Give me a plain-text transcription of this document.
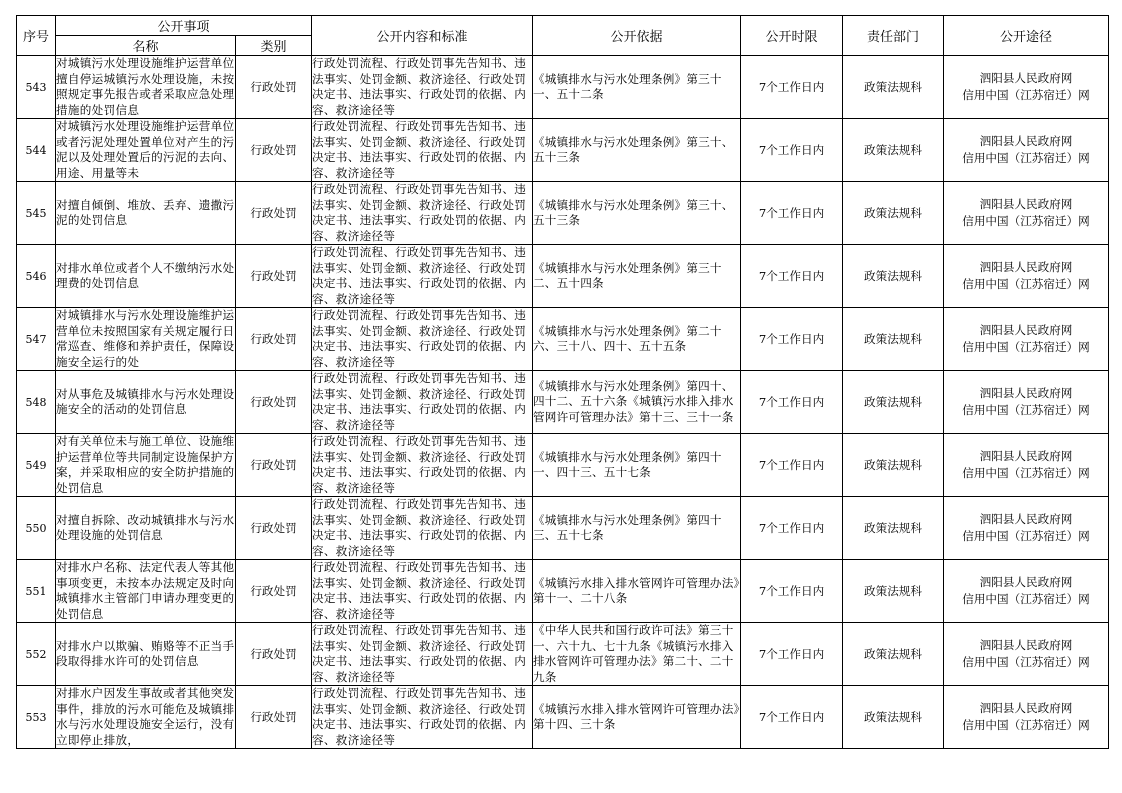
序号	公开事项		公开内容和标准	公开依据	公开时限	责任部门	公开途径
	名称	类别					
543	对城镇污水处理设施维护运营单位擅自停运城镇污水处理设施，未按照规定事先报告或者采取应急处理措施的处罚信息	行政处罚	行政处罚流程、行政处罚事先告知书、违法事实、处罚金额、救济途径、行政处罚决定书、违法事实、行政处罚的依据、内容、救济途径等	《城镇排水与污水处理条例》第三十一、五十二条	7个工作日内	政策法规科	泗阳县人民政府网
信用中国（江苏宿迁）网

544	对城镇污水处理设施维护运营单位或者污泥处理处置单位对产生的污泥以及处理处置后的污泥的去向、用途、用量等未	行政处罚	行政处罚流程、行政处罚事先告知书、违法事实、处罚金额、救济途径、行政处罚决定书、违法事实、行政处罚的依据、内容、救济途径等	《城镇排水与污水处理条例》第三十、五十三条	7个工作日内	政策法规科	泗阳县人民政府网
信用中国（江苏宿迁）网

545	对擅自倾倒、堆放、丢弃、遗撒污泥的处罚信息	行政处罚	行政处罚流程、行政处罚事先告知书、违法事实、处罚金额、救济途径、行政处罚决定书、违法事实、行政处罚的依据、内容、救济途径等	《城镇排水与污水处理条例》第三十、五十三条	7个工作日内	政策法规科	泗阳县人民政府网
信用中国（江苏宿迁）网

546	对排水单位或者个人不缴纳污水处理费的处罚信息	行政处罚	行政处罚流程、行政处罚事先告知书、违法事实、处罚金额、救济途径、行政处罚决定书、违法事实、行政处罚的依据、内容、救济途径等	《城镇排水与污水处理条例》第三十二、五十四条	7个工作日内	政策法规科	泗阳县人民政府网
信用中国（江苏宿迁）网

547	对城镇排水与污水处理设施维护运营单位未按照国家有关规定履行日常巡查、维修和养护责任，保障设施安全运行的处	行政处罚	行政处罚流程、行政处罚事先告知书、违法事实、处罚金额、救济途径、行政处罚决定书、违法事实、行政处罚的依据、内容、救济途径等	《城镇排水与污水处理条例》第二十六、三十八、四十、五十五条	7个工作日内	政策法规科	泗阳县人民政府网
信用中国（江苏宿迁）网

548	对从事危及城镇排水与污水处理设施安全的活动的处罚信息	行政处罚	行政处罚流程、行政处罚事先告知书、违法事实、处罚金额、救济途径、行政处罚决定书、违法事实、行政处罚的依据、内容、救济途径等	《城镇排水与污水处理条例》第四十、四十二、五十六条《城镇污水排入排水管网许可管理办法》第十三、三十一条	7个工作日内	政策法规科	泗阳县人民政府网
信用中国（江苏宿迁）网

549	对有关单位未与施工单位、设施维护运营单位等共同制定设施保护方案，并采取相应的安全防护措施的处罚信息	行政处罚	行政处罚流程、行政处罚事先告知书、违法事实、处罚金额、救济途径、行政处罚决定书、违法事实、行政处罚的依据、内容、救济途径等	《城镇排水与污水处理条例》第四十一、四十三、五十七条	7个工作日内	政策法规科	泗阳县人民政府网
信用中国（江苏宿迁）网

550	对擅自拆除、改动城镇排水与污水处理设施的处罚信息	行政处罚	行政处罚流程、行政处罚事先告知书、违法事实、处罚金额、救济途径、行政处罚决定书、违法事实、行政处罚的依据、内容、救济途径等	《城镇排水与污水处理条例》第四十三、五十七条	7个工作日内	政策法规科	泗阳县人民政府网
信用中国（江苏宿迁）网

551	对排水户名称、法定代表人等其他事项变更，未按本办法规定及时向城镇排水主管部门申请办理变更的处罚信息	行政处罚	行政处罚流程、行政处罚事先告知书、违法事实、处罚金额、救济途径、行政处罚决定书、违法事实、行政处罚的依据、内容、救济途径等	《城镇污水排入排水管网许可管理办法》第十一、二十八条	7个工作日内	政策法规科	泗阳县人民政府网
信用中国（江苏宿迁）网

552	对排水户以欺骗、贿赂等不正当手段取得排水许可的处罚信息	行政处罚	行政处罚流程、行政处罚事先告知书、违法事实、处罚金额、救济途径、行政处罚决定书、违法事实、行政处罚的依据、内容、救济途径等	《中华人民共和国行政许可法》第三十一、六十九、七十九条《城镇污水排入排水管网许可管理办法》第二十、二十九条	7个工作日内	政策法规科	泗阳县人民政府网
信用中国（江苏宿迁）网

553	对排水户因发生事故或者其他突发事件，排放的污水可能危及城镇排水与污水处理设施安全运行，没有立即停止排放，	行政处罚	行政处罚流程、行政处罚事先告知书、违法事实、处罚金额、救济途径、行政处罚决定书、违法事实、行政处罚的依据、内容、救济途径等	《城镇污水排入排水管网许可管理办法》第十四、三十条	7个工作日内	政策法规科	泗阳县人民政府网
信用中国（江苏宿迁）网
